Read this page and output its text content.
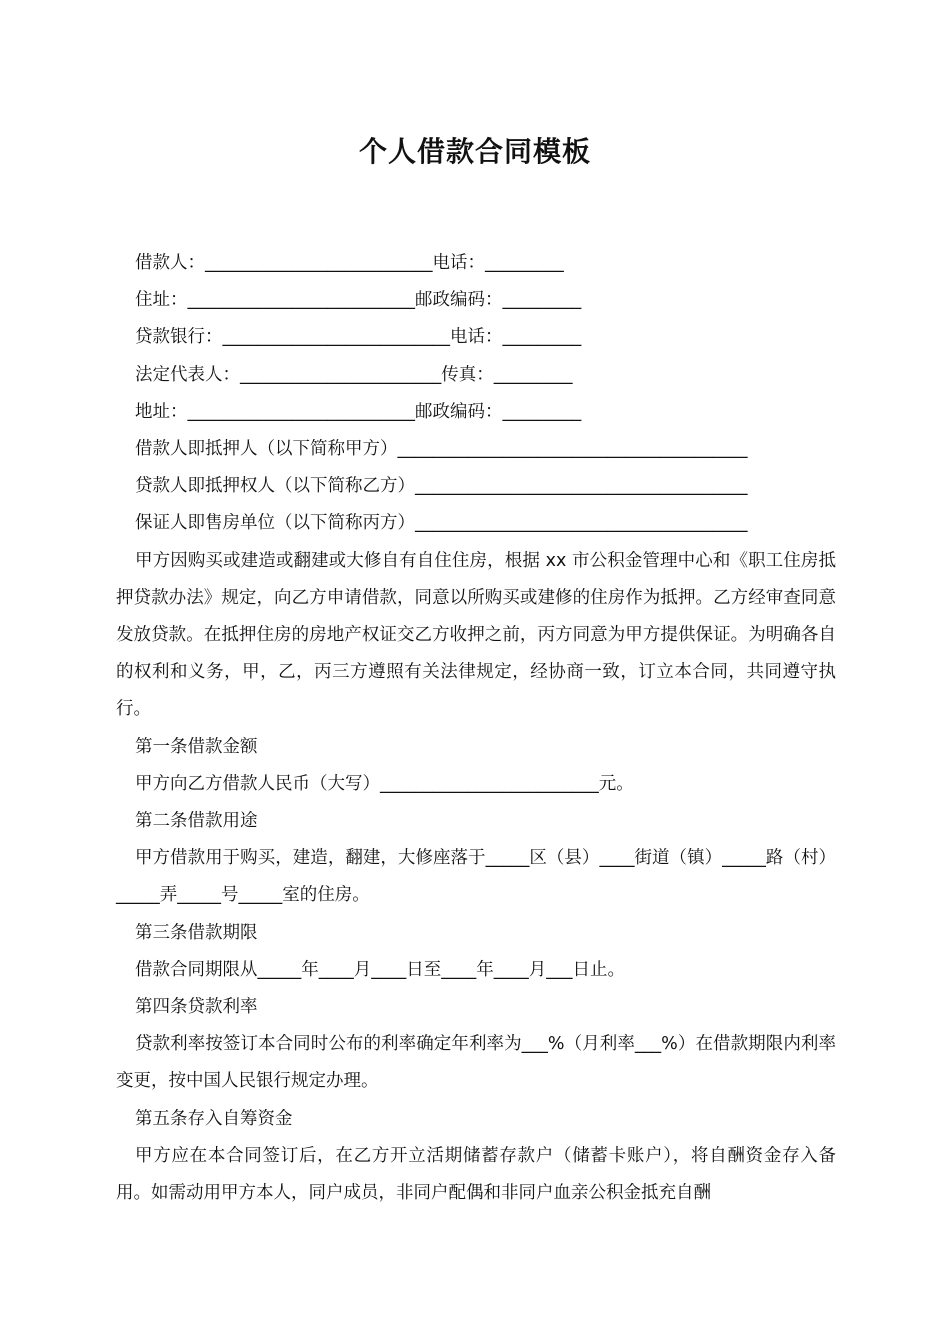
个人借款合同模板
借款人：__________________________电话：_________
住址：__________________________邮政编码：_________
贷款银行：__________________________电话：_________
法定代表人：_______________________传真：_________
地址：__________________________邮政编码：_________
借款人即抵押人（以下简称甲方）________________________________________
贷款人即抵押权人（以下简称乙方）______________________________________
保证人即售房单位（以下简称丙方）______________________________________
甲方因购买或建造或翻建或大修自有自住住房，根据 xx 市公积金管理中心和《职工住房抵押贷款办法》规定，向乙方申请借款，同意以所购买或建修的住房作为抵押。乙方经审查同意发放贷款。在抵押住房的房地产权证交乙方收押之前，丙方同意为甲方提供保证。为明确各自的权利和义务，甲，乙，丙三方遵照有关法律规定，经协商一致，订立本合同，共同遵守执行。
第一条借款金额
甲方向乙方借款人民币（大写）_________________________元。
第二条借款用途
甲方借款用于购买，建造，翻建，大修座落于_____区（县）____街道（镇）_____路（村）_____弄_____号_____室的住房。
第三条借款期限
借款合同期限从_____年____月____日至____年____月___日止。
第四条贷款利率
贷款利率按签订本合同时公布的利率确定年利率为___%（月利率___%）在借款期限内利率变更，按中国人民银行规定办理。
第五条存入自筹资金
甲方应在本合同签订后，在乙方开立活期储蓄存款户（储蓄卡账户），将自酬资金存入备用。如需动用甲方本人，同户成员，非同户配偶和非同户血亲公积金抵充自酬
